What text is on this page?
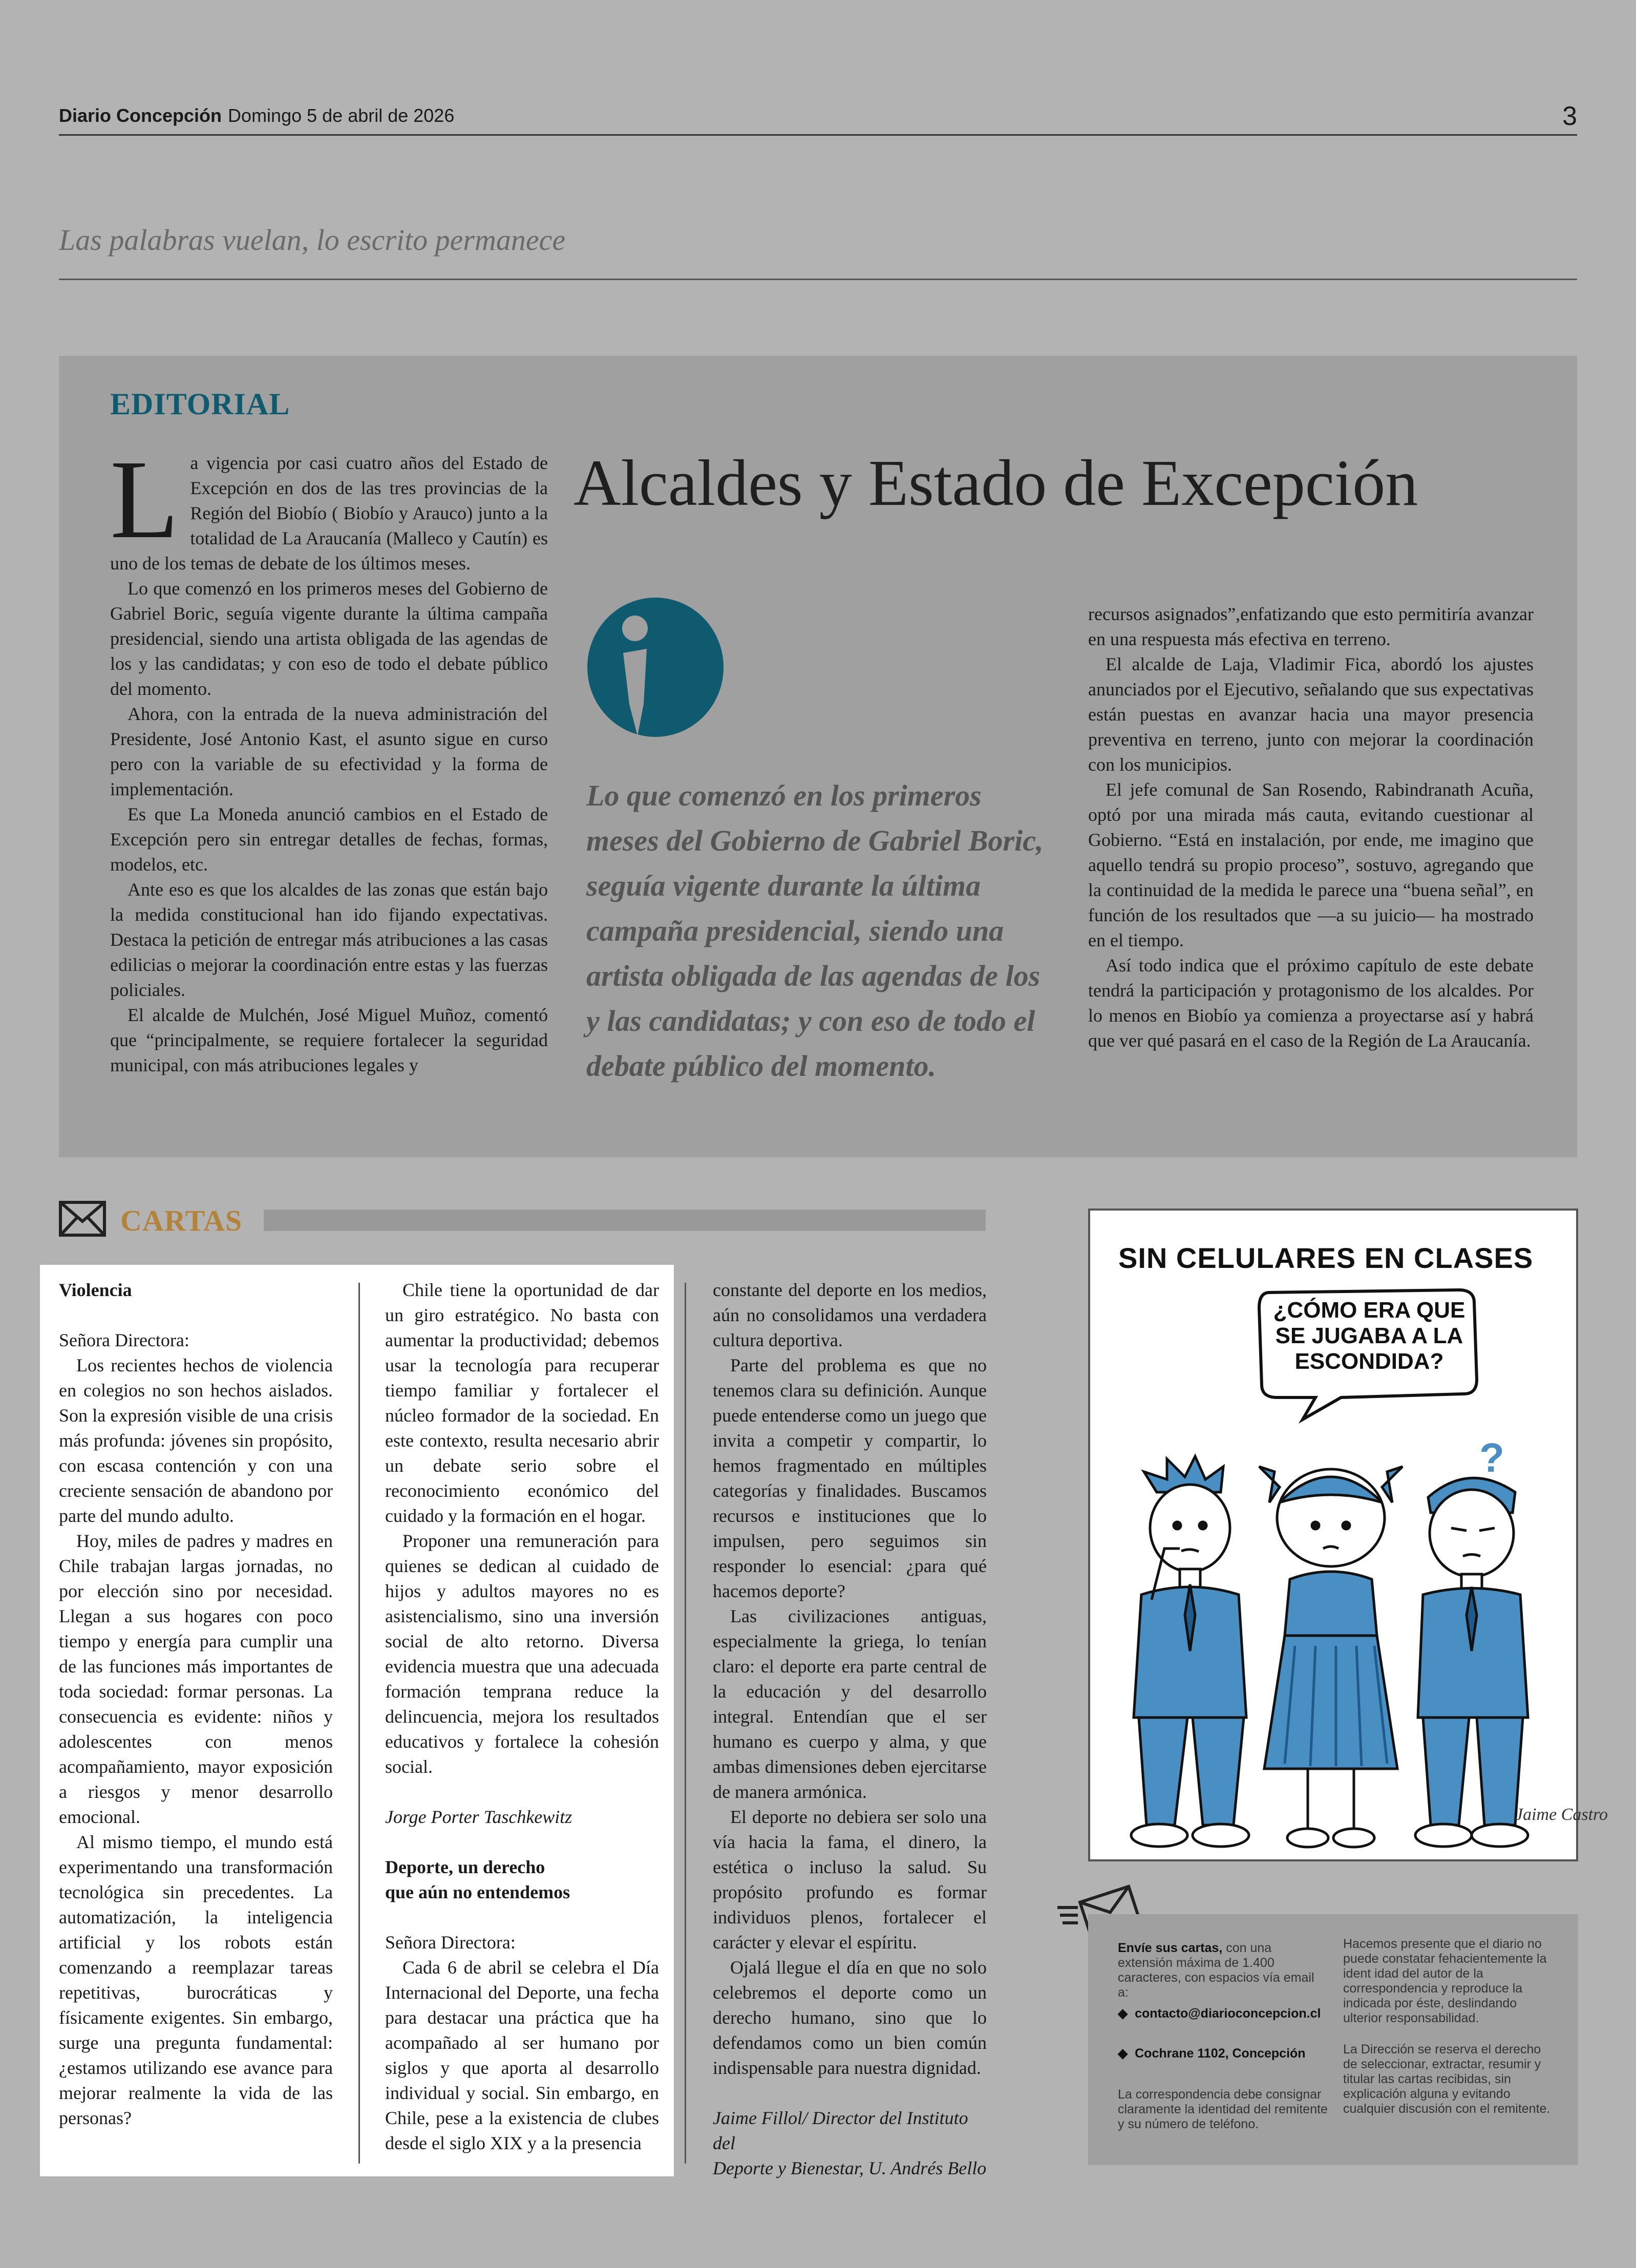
Diario Concepción Domingo 5 de abril de 2026	3
Las palabras vuelan, lo escrito permanece
EDITORIAL
Alcaldes y Estado de Excepción

La vigencia por casi cuatro años del Estado de Excepción en dos de las tres provincias de la Región del Biobío ( Biobío y Arauco) junto a la totalidad de La Araucanía (Malleco y Cautín) es uno de los temas de debate de los últimos meses.

Lo que comenzó en los primeros meses del Gobierno de Gabriel Boric, seguía vigente durante la última campaña presidencial, siendo una artista obligada de las agendas de los y las candidatas; y con eso de todo el debate público del momento.

Ahora, con la entrada de la nueva administración del Presidente, José Antonio Kast, el asunto sigue en curso pero con la variable de su efectividad y la forma de implementación.

Es que La Moneda anunció cambios en el Estado de Excepción pero sin entregar detalles de fechas, formas, modelos, etc.

Ante eso es que los alcaldes de las zonas que están bajo la medida constitucional han ido fijando expectativas. Destaca la petición de entregar más atribuciones a las casas edilicias o mejorar la coordinación entre estas y las fuerzas policiales.

El alcalde de Mulchén, José Miguel Muñoz, comentó que “principalmente, se requiere fortalecer la seguridad municipal, con más atribuciones legales y

Lo que comenzó en los primeros meses del Gobierno de Gabriel Boric, seguía vigente durante la última campaña presidencial, siendo una artista obligada de las agendas de los y las candidatas; y con eso de todo el debate público del momento.

recursos asignados”,enfatizando que esto permitiría avanzar en una respuesta más efectiva en terreno.

El alcalde de Laja, Vladimir Fica, abordó los ajustes anunciados por el Ejecutivo, señalando que sus expectativas están puestas en avanzar hacia una mayor presencia preventiva en terreno, junto con mejorar la coordinación con los municipios.

El jefe comunal de San Rosendo, Rabindranath Acuña, optó por una mirada más cauta, evitando cuestionar al Gobierno. “Está en instalación, por ende, me imagino que aquello tendrá su propio proceso”, sostuvo, agregando que la continuidad de la medida le parece una “buena señal”, en función de los resultados que —a su juicio— ha mostrado en el tiempo.

Así todo indica que el próximo capítulo de este debate tendrá la participación y protagonismo de los alcaldes. Por lo menos en Biobío ya comienza a proyectarse así y habrá que ver qué pasará en el caso de la Región de La Araucanía.

CARTAS

Violencia

Señora Directora:

Los recientes hechos de violencia en colegios no son hechos aislados. Son la expresión visible de una crisis más profunda: jóvenes sin propósito, con escasa contención y con una creciente sensación de abandono por parte del mundo adulto.

Hoy, miles de padres y madres en Chile trabajan largas jornadas, no por elección sino por necesidad. Llegan a sus hogares con poco tiempo y energía para cumplir una de las funciones más importantes de toda sociedad: formar personas. La consecuencia es evidente: niños y adolescentes con menos acompañamiento, mayor exposición a riesgos y menor desarrollo emocional.

Al mismo tiempo, el mundo está experimentando una transformación tecnológica sin precedentes. La automatización, la inteligencia artificial y los robots están comenzando a reemplazar tareas repetitivas, burocráticas y físicamente exigentes. Sin embargo, surge una pregunta fundamental: ¿estamos utilizando ese avance para mejorar realmente la vida de las personas?

Chile tiene la oportunidad de dar un giro estratégico. No basta con aumentar la productividad; debemos usar la tecnología para recuperar tiempo familiar y fortalecer el núcleo formador de la sociedad. En este contexto, resulta necesario abrir un debate serio sobre el reconocimiento económico del cuidado y la formación en el hogar.

Proponer una remuneración para quienes se dedican al cuidado de hijos y adultos mayores no es asistencialismo, sino una inversión social de alto retorno. Diversa evidencia muestra que una adecuada formación temprana reduce la delincuencia, mejora los resultados educativos y fortalece la cohesión social.

Jorge Porter Taschkewitz

Deporte, un derecho
que aún no entendemos

Señora Directora:

Cada 6 de abril se celebra el Día Internacional del Deporte, una fecha para destacar una práctica que ha acompañado al ser humano por siglos y que aporta al desarrollo individual y social. Sin embargo, en Chile, pese a la existencia de clubes desde el siglo XIX y a la presencia

constante del deporte en los medios, aún no consolidamos una verdadera cultura deportiva.

Parte del problema es que no tenemos clara su definición. Aunque puede entenderse como un juego que invita a competir y compartir, lo hemos fragmentado en múltiples categorías y finalidades. Buscamos recursos e instituciones que lo impulsen, pero seguimos sin responder lo esencial: ¿para qué hacemos deporte?

Las civilizaciones antiguas, especialmente la griega, lo tenían claro: el deporte era parte central de la educación y del desarrollo integral. Entendían que el ser humano es cuerpo y alma, y que ambas dimensiones deben ejercitarse de manera armónica.

El deporte no debiera ser solo una vía hacia la fama, el dinero, la estética o incluso la salud. Su propósito profundo es formar individuos plenos, fortalecer el carácter y elevar el espíritu.

Ojalá llegue el día en que no solo celebremos el deporte como un derecho humano, sino que lo defendamos como un bien común indispensable para nuestra dignidad.

Jaime Fillol/ Director del Instituto del
Deporte y Bienestar, U. Andrés Bello

SIN CELULARES EN CLASES
¿CÓMO ERA QUE SE JUGABA A LA ESCONDIDA?
?
Jaime Castro
Envíe sus cartas, con una extensión máxima de 1.400 caracteres, con espacios vía email a:
◆  contacto@diarioconcepcion.cl
◆  Cochrane 1102, Concepción
La correspondencia debe consignar claramente la identidad del remitente y su número de teléfono.
Hacemos presente que el diario no puede constatar fehacientemente la ident idad del autor de la correspondencia y reproduce la indicada por éste, deslindando ulterior responsabilidad.
La Dirección se reserva el derecho de seleccionar, extractar, resumir y titular las cartas recibidas, sin explicación alguna y evitando cualquier discusión con el remitente.
